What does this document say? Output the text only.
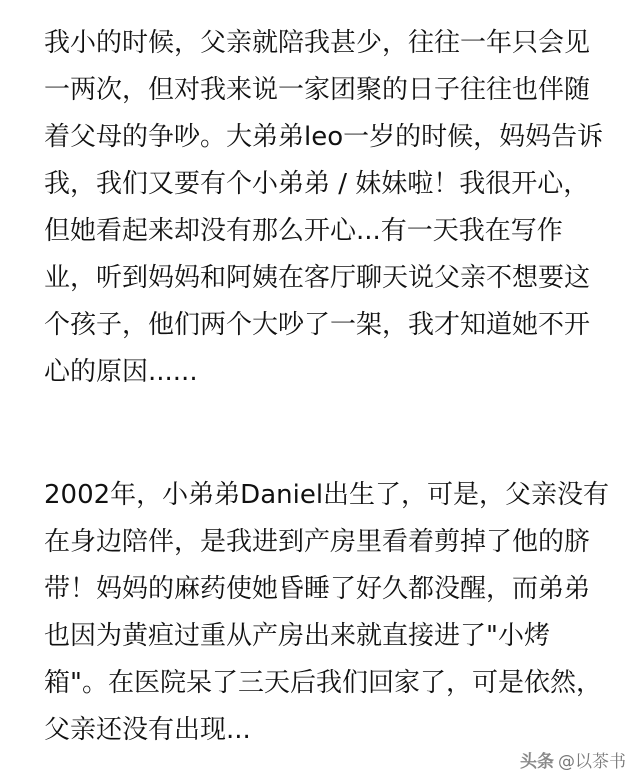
我小的时候，父亲就陪我甚少，往往一年只会见
一两次，但对我来说一家团聚的日子往往也伴随
着父母的争吵。大弟弟leo一岁的时候，妈妈告诉
我，我们又要有个小弟弟 / 妹妹啦！我很开心，
但她看起来却没有那么开心...有一天我在写作
业，听到妈妈和阿姨在客厅聊天说父亲不想要这
个孩子，他们两个大吵了一架，我才知道她不开
心的原因......
2002年，小弟弟Daniel出生了，可是，父亲没有
在身边陪伴，是我进到产房里看着剪掉了他的脐
带！妈妈的麻药使她昏睡了好久都没醒，而弟弟
也因为黄疸过重从产房出来就直接进了"小烤
箱"。在医院呆了三天后我们回家了，可是依然，
父亲还没有出现...
头条 @以茶书
